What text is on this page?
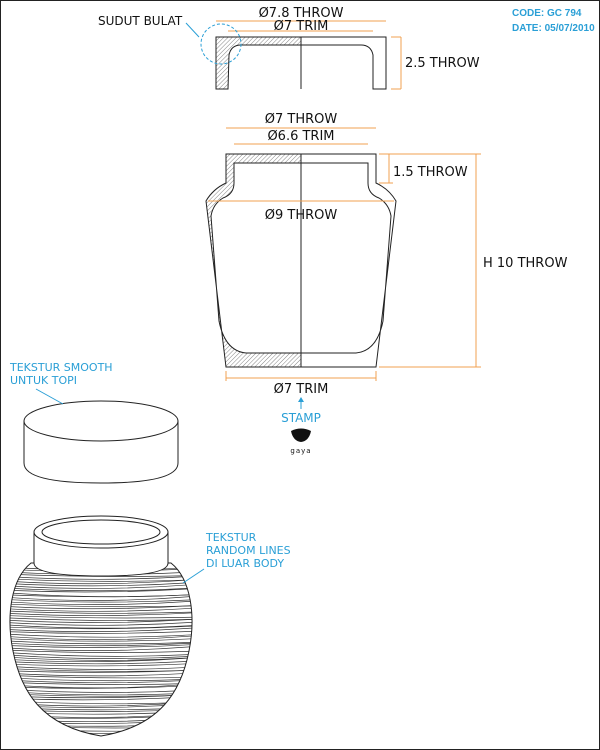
CODE: GC 794
DATE: 05/07/2010
Ø7.8 THROW
Ø7 TRIM
2.5 THROW
SUDUT BULAT
Ø9 THROW
Ø7 THROW
Ø6.6 TRIM
1.5 THROW
H 10 THROW
Ø7 TRIM
STAMP
gaya
TEKSTUR SMOOTH
UNTUK TOPI
TEKSTUR
RANDOM LINES
DI LUAR BODY
